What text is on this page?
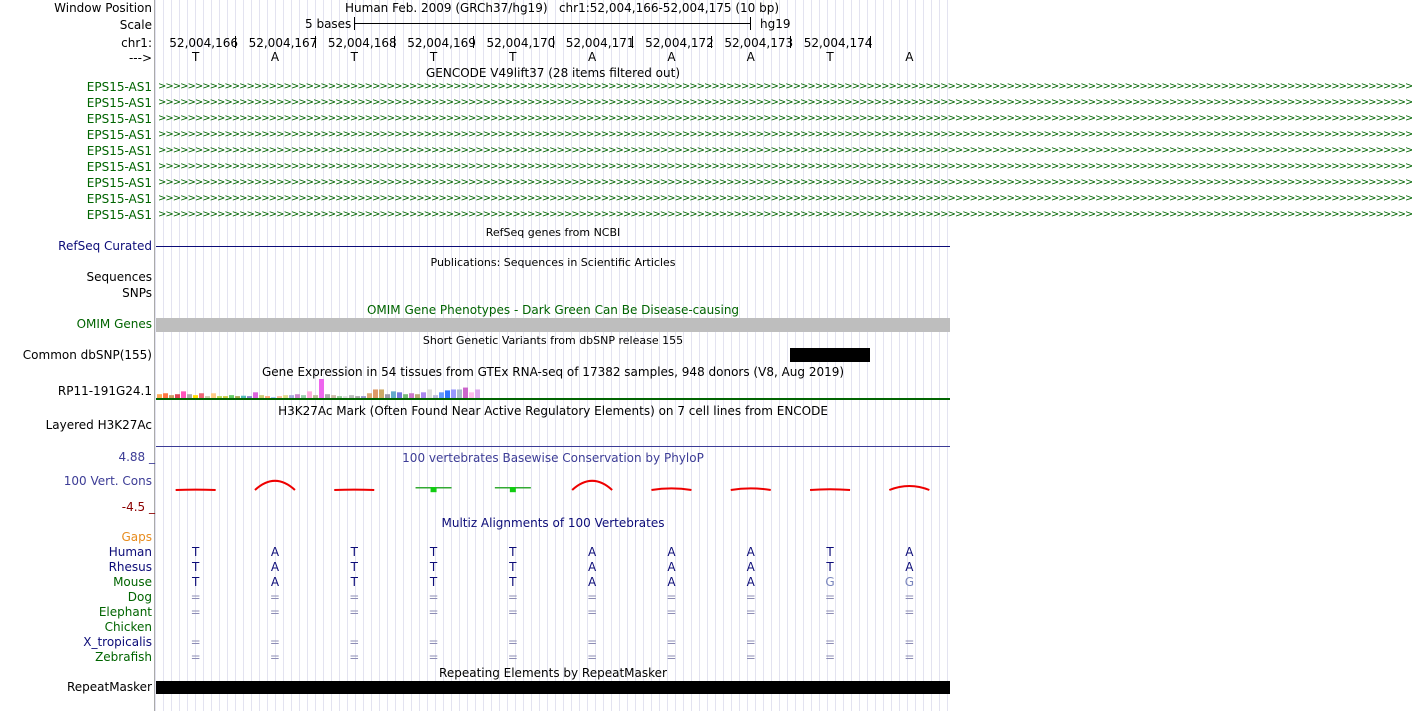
Window Position	Human Feb. 2009 (GRCh37/hg19)   chr1:52,004,166-52,004,175 (10 bp)
Scale	5 bases	hg19
chr1: 52,004,166 52,004,167 52,004,168 52,004,169 52,004,170 52,004,171 52,004,172 52,004,173 52,004,174
--->	T	A	T	T	T	A	A	A	T	A
GENCODE V49lift37 (28 items filtered out)
EPS15-AS1 >>>>>>>>>>>>>>>>>>>>>>>>>>>>>>>>>>>>>>>>>>>>>>>>>>>>>>>>>>>>>>>>>>>>>>>>>>>>>>>>>>>>>>>>>>>>>>>>>>>>>>>>>>>>>>>>>>>>>>>>>>>>>>>>>>>>>>>>>>>>>>>>>>>>>>>>>>>>>>>>>>>>>>>>>>
EPS15-AS1 >>>>>>>>>>>>>>>>>>>>>>>>>>>>>>>>>>>>>>>>>>>>>>>>>>>>>>>>>>>>>>>>>>>>>>>>>>>>>>>>>>>>>>>>>>>>>>>>>>>>>>>>>>>>>>>>>>>>>>>>>>>>>>>>>>>>>>>>>>>>>>>>>>>>>>>>>>>>>>>>>>>>>>>>>>
EPS15-AS1 >>>>>>>>>>>>>>>>>>>>>>>>>>>>>>>>>>>>>>>>>>>>>>>>>>>>>>>>>>>>>>>>>>>>>>>>>>>>>>>>>>>>>>>>>>>>>>>>>>>>>>>>>>>>>>>>>>>>>>>>>>>>>>>>>>>>>>>>>>>>>>>>>>>>>>>>>>>>>>>>>>>>>>>>>>
EPS15-AS1 >>>>>>>>>>>>>>>>>>>>>>>>>>>>>>>>>>>>>>>>>>>>>>>>>>>>>>>>>>>>>>>>>>>>>>>>>>>>>>>>>>>>>>>>>>>>>>>>>>>>>>>>>>>>>>>>>>>>>>>>>>>>>>>>>>>>>>>>>>>>>>>>>>>>>>>>>>>>>>>>>>>>>>>>>>
EPS15-AS1 >>>>>>>>>>>>>>>>>>>>>>>>>>>>>>>>>>>>>>>>>>>>>>>>>>>>>>>>>>>>>>>>>>>>>>>>>>>>>>>>>>>>>>>>>>>>>>>>>>>>>>>>>>>>>>>>>>>>>>>>>>>>>>>>>>>>>>>>>>>>>>>>>>>>>>>>>>>>>>>>>>>>>>>>>>
EPS15-AS1 >>>>>>>>>>>>>>>>>>>>>>>>>>>>>>>>>>>>>>>>>>>>>>>>>>>>>>>>>>>>>>>>>>>>>>>>>>>>>>>>>>>>>>>>>>>>>>>>>>>>>>>>>>>>>>>>>>>>>>>>>>>>>>>>>>>>>>>>>>>>>>>>>>>>>>>>>>>>>>>>>>>>>>>>>>
EPS15-AS1 >>>>>>>>>>>>>>>>>>>>>>>>>>>>>>>>>>>>>>>>>>>>>>>>>>>>>>>>>>>>>>>>>>>>>>>>>>>>>>>>>>>>>>>>>>>>>>>>>>>>>>>>>>>>>>>>>>>>>>>>>>>>>>>>>>>>>>>>>>>>>>>>>>>>>>>>>>>>>>>>>>>>>>>>>>
EPS15-AS1 >>>>>>>>>>>>>>>>>>>>>>>>>>>>>>>>>>>>>>>>>>>>>>>>>>>>>>>>>>>>>>>>>>>>>>>>>>>>>>>>>>>>>>>>>>>>>>>>>>>>>>>>>>>>>>>>>>>>>>>>>>>>>>>>>>>>>>>>>>>>>>>>>>>>>>>>>>>>>>>>>>>>>>>>>>
EPS15-AS1 >>>>>>>>>>>>>>>>>>>>>>>>>>>>>>>>>>>>>>>>>>>>>>>>>>>>>>>>>>>>>>>>>>>>>>>>>>>>>>>>>>>>>>>>>>>>>>>>>>>>>>>>>>>>>>>>>>>>>>>>>>>>>>>>>>>>>>>>>>>>>>>>>>>>>>>>>>>>>>>>>>>>>>>>>>
RefSeq genes from NCBI
RefSeq Curated
Publications: Sequences in Scientific Articles
Sequences
SNPs
OMIM Gene Phenotypes - Dark Green Can Be Disease-causing
OMIM Genes
Short Genetic Variants from dbSNP release 155
Common dbSNP(155)
Gene Expression in 54 tissues from GTEx RNA-seq of 17382 samples, 948 donors (V8, Aug 2019)
RP11-191G24.1
H3K27Ac Mark (Often Found Near Active Regulatory Elements) on 7 cell lines from ENCODE
Layered H3K27Ac
100 vertebrates Basewise Conservation by PhyloP
4.88 _
100 Vert. Cons
-4.5 _
Multiz Alignments of 100 Vertebrates
Gaps
Human	T	A	T	T	T	A	A	A	T	A
Rhesus	T	A	T	T	T	A	A	A	T	A
Mouse	T	A	T	T	T	A	A	A	G	G
Dog	=	=	=	=	=	=	=	=	=	=
Elephant	=	=	=	=	=	=	=	=	=	=
Chicken
X_tropicalis	=	=	=	=	=	=	=	=	=	=
Zebrafish	=	=	=	=	=	=	=	=	=	=
Repeating Elements by RepeatMasker
RepeatMasker
